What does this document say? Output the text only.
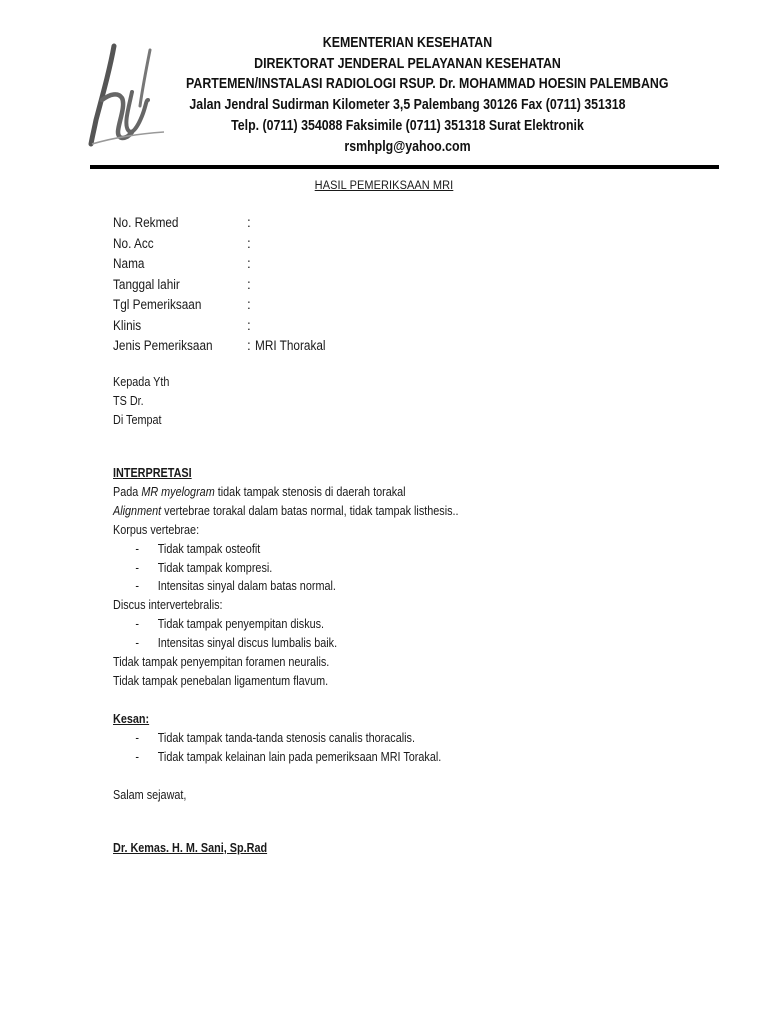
KEMENTERIAN KESEHATAN
DIREKTORAT JENDERAL PELAYANAN KESEHATAN
PARTEMEN/INSTALASI RADIOLOGI RSUP. Dr. MOHAMMAD HOESIN PALEMBANG
Jalan Jendral Sudirman Kilometer 3,5 Palembang 30126 Fax (0711) 351318
Telp. (0711) 354088 Faksimile (0711) 351318 Surat Elektronik
rsmhplg@yahoo.com
HASIL PEMERIKSAAN MRI
No. Rekmed	:
No. Acc	:
Nama	:
Tanggal lahir	:
Tgl Pemeriksaan	:
Klinis	:
Jenis Pemeriksaan	: MRI Thorakal
Kepada Yth
TS Dr.
Di Tempat
INTERPRETASI
Pada MR myelogram tidak tampak stenosis di daerah torakal
Alignment vertebrae torakal dalam batas normal, tidak tampak listhesis..
Korpus vertebrae:
- Tidak tampak osteofit
- Tidak tampak kompresi.
- Intensitas sinyal dalam batas normal.
Discus intervertebralis:
- Tidak tampak penyempitan diskus.
- Intensitas sinyal discus lumbalis baik.
Tidak tampak penyempitan foramen neuralis.
Tidak tampak penebalan ligamentum flavum.
Kesan:
- Tidak tampak tanda-tanda stenosis canalis thoracalis.
- Tidak tampak kelainan lain pada pemeriksaan MRI Torakal.
Salam sejawat,
Dr. Kemas. H. M. Sani, Sp.Rad
